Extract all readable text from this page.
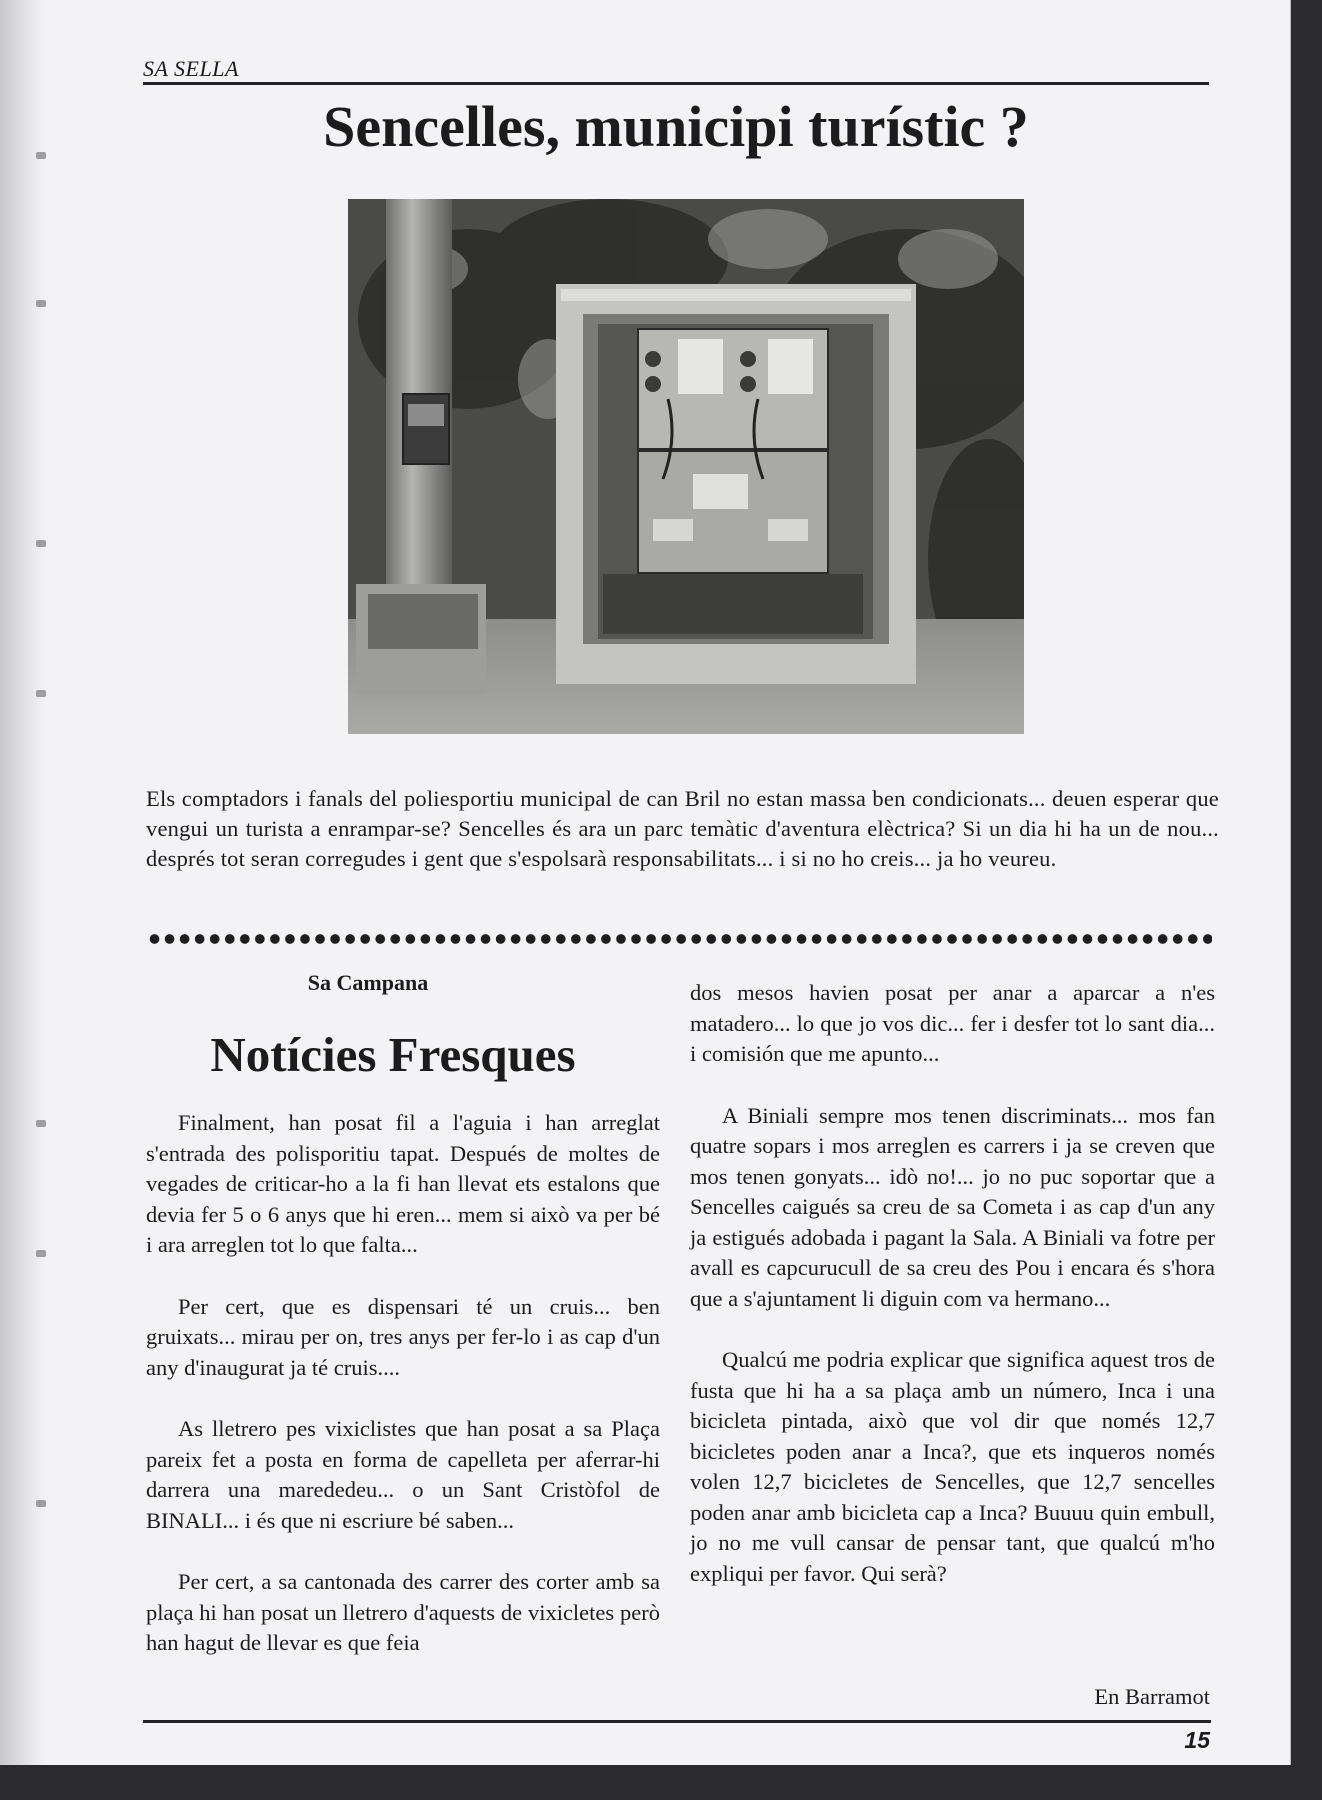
SA SELLA
Sencelles, municipi turístic ?

Els comptadors i fanals del poliesportiu municipal de can Bril no estan massa ben condicionats... deuen esperar que vengui un turista a enrampar-se? Sencelles és ara un parc temàtic d'aventura elèctrica? Si un dia hi ha un de nou... després tot seran corregudes i gent que s'espolsarà responsabilitats... i si no ho creis... ja ho veureu.

Sa Campana

Notícies Fresques

Finalment, han posat fil a l'aguia i han arreglat s'entrada des polisporitiu tapat. Después de moltes de vegades de criticar-ho a la fi han llevat ets estalons que devia fer 5 o 6 anys que hi eren... mem si això va per bé i ara arreglen tot lo que falta...

Per cert, que es dispensari té un cruis... ben gruixats... mirau per on, tres anys per fer-lo i as cap d'un any d'inaugurat ja té cruis....

As lletrero pes vixiclistes que han posat a sa Plaça pareix fet a posta en forma de capelleta per aferrar-hi darrera una marededeu... o un Sant Cristòfol de BINALI... i és que ni escriure bé saben...

Per cert, a sa cantonada des carrer des corter amb sa plaça hi han posat un lletrero d'aquests de vixicletes però han hagut de llevar es que feia

dos mesos havien posat per anar a aparcar a n'es matadero... lo que jo vos dic... fer i desfer tot lo sant dia... i comisión que me apunto...

A Biniali sempre mos tenen discriminats... mos fan quatre sopars i mos arreglen es carrers i ja se creven que mos tenen gonyats... idò no!... jo no puc soportar que a Sencelles caigués sa creu de sa Cometa i as cap d'un any ja estigués adobada i pagant la Sala. A Biniali va fotre per avall es capcurucull de sa creu des Pou i encara és s'hora que a s'ajuntament li diguin com va hermano...

Qualcú me podria explicar que significa aquest tros de fusta que hi ha a sa plaça amb un número, Inca i una bicicleta pintada, això que vol dir que només 12,7 bicicletes poden anar a Inca?, que ets inqueros només volen 12,7 bicicletes de Sencelles, que 12,7 sencelles poden anar amb bicicleta cap a Inca? Buuuu quin embull, jo no me vull cansar de pensar tant, que qualcú m'ho expliqui per favor. Qui serà?

En Barramot
15
